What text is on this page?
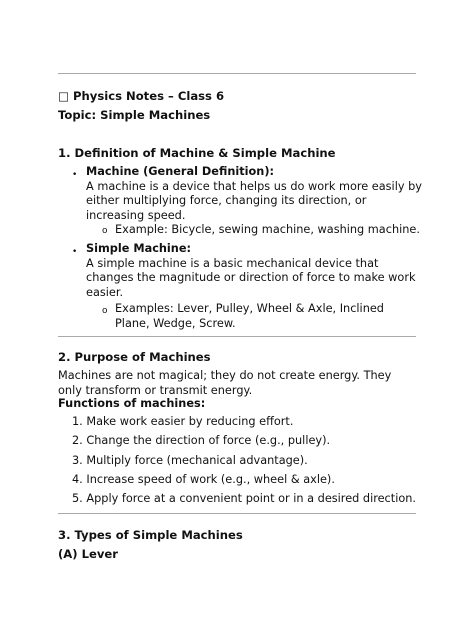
□ Physics Notes – Class 6
Topic: Simple Machines
1. Definition of Machine & Simple Machine
• Machine (General Definition):
A machine is a device that helps us do work more easily by either multiplying force, changing its direction, or increasing speed.
o Example: Bicycle, sewing machine, washing machine.
• Simple Machine:
A simple machine is a basic mechanical device that changes the magnitude or direction of force to make work easier.
o Examples: Lever, Pulley, Wheel & Axle, Inclined Plane, Wedge, Screw.
2. Purpose of Machines
Machines are not magical; they do not create energy. They only transform or transmit energy.
Functions of machines:
1. Make work easier by reducing effort.
2. Change the direction of force (e.g., pulley).
3. Multiply force (mechanical advantage).
4. Increase speed of work (e.g., wheel & axle).
5. Apply force at a convenient point or in a desired direction.
3. Types of Simple Machines
(A) Lever
